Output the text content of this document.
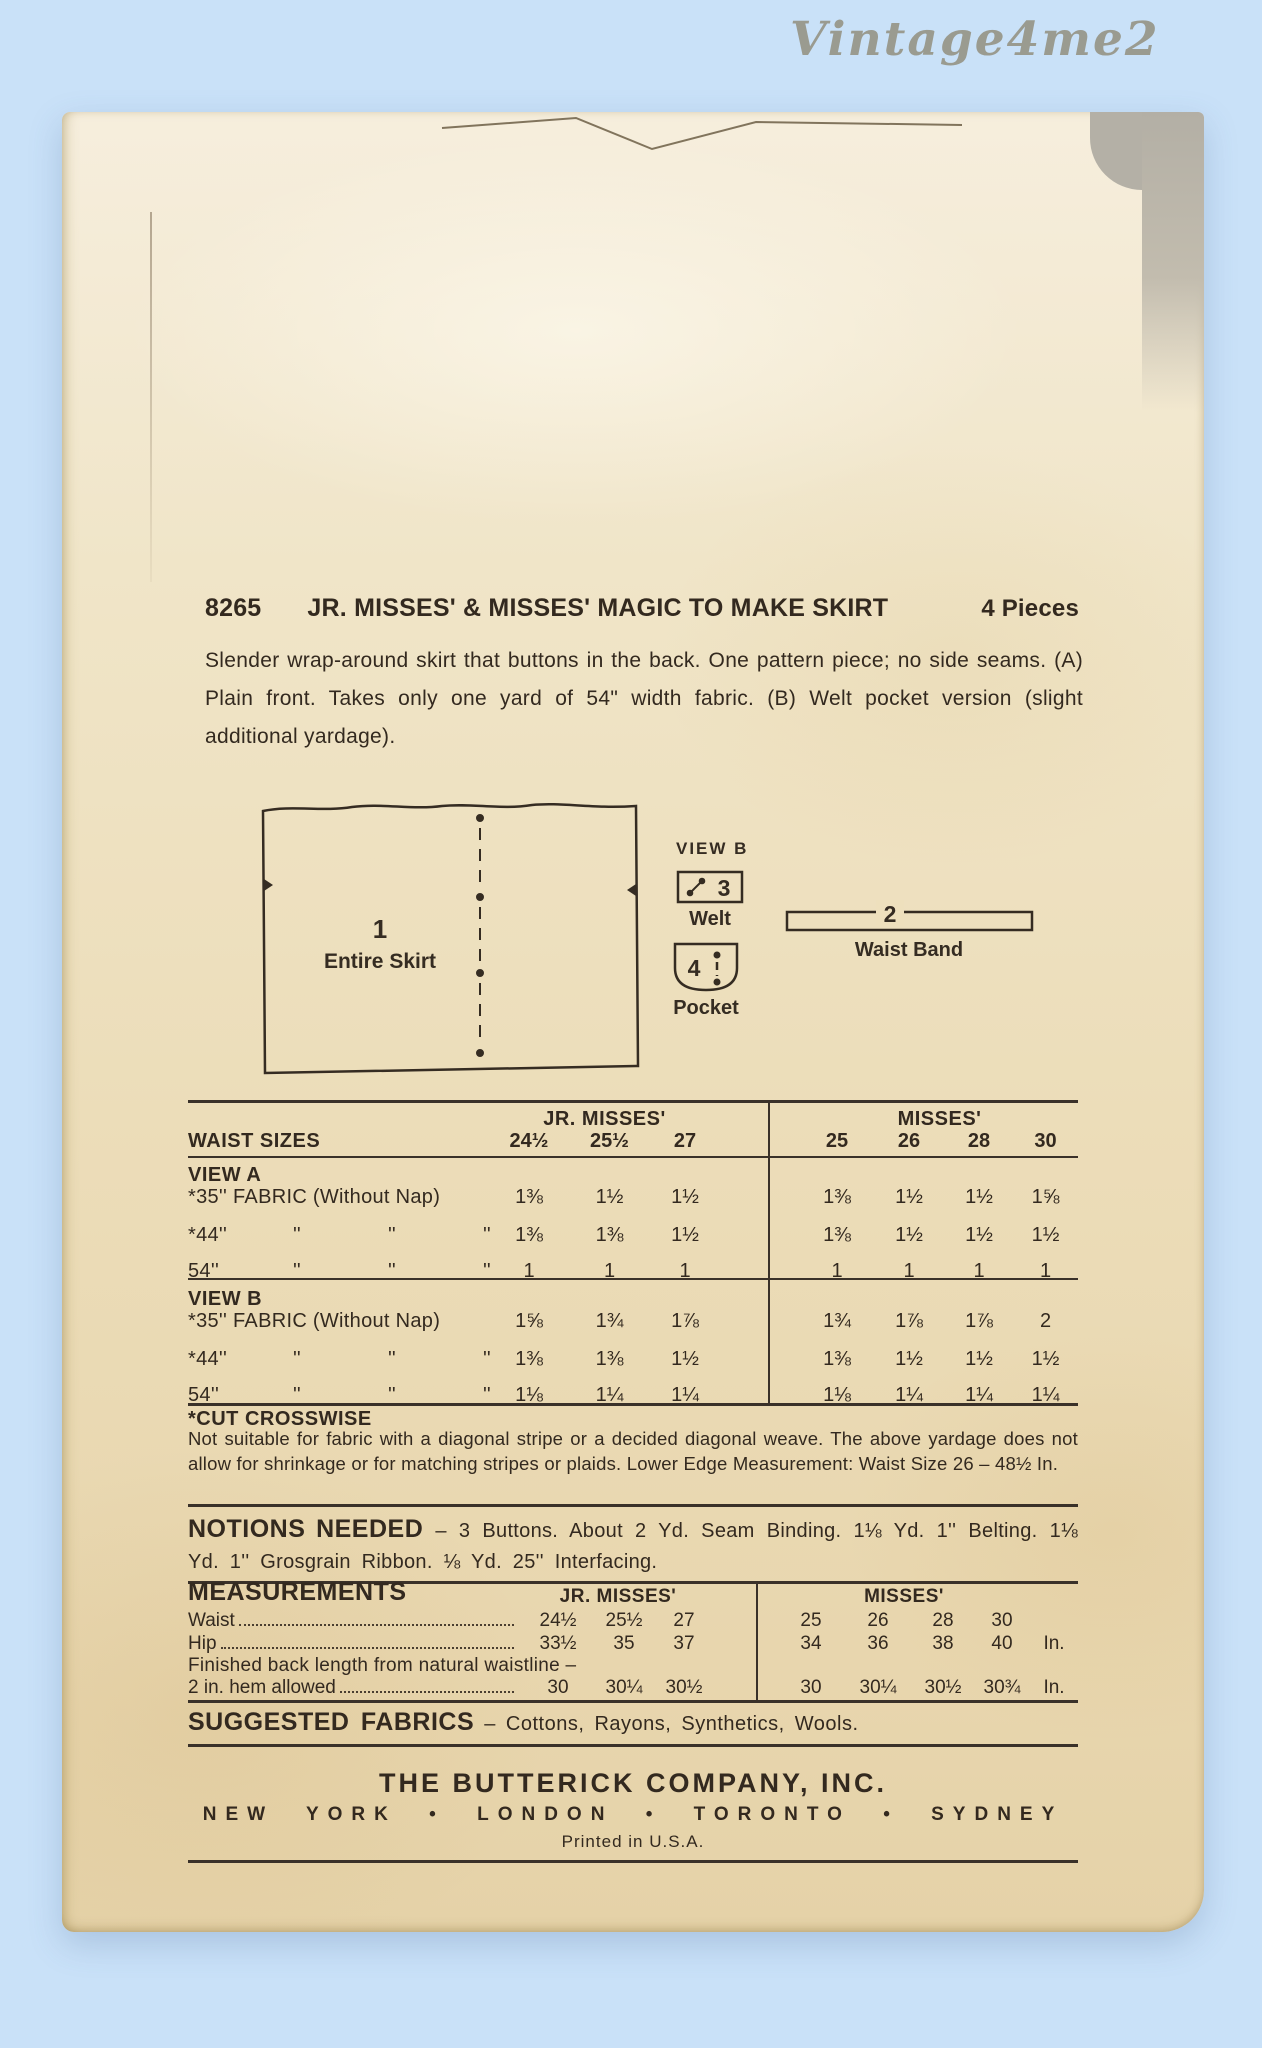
Vintage4me2
8265 JR. MISSES' & MISSES' MAGIC TO MAKE SKIRT	4 Pieces
Slender wrap-around skirt that buttons in the back. One pattern piece; no side seams. (A) Plain front. Takes only one yard of 54" width fabric. (B) Welt pocket version (slight additional yardage).
1
Entire Skirt
VIEW B
3
Welt
4
Pocket
2
Waist Band
JR. MISSES'	MISSES'
WAIST SIZES	24½	25½	27	25	26	28	30
VIEW A
*35'' FABRIC (Without Nap)	1⅜	1½	1½	1⅜	1½	1½	1⅝
*44''	''	''	''	1⅜	1⅜	1½	1⅜	1½	1½	1½
54''	''	''	''	1	1	1	1	1	1	1
VIEW B
*35'' FABRIC (Without Nap)	1⅝	1¾	1⅞	1¾	1⅞	1⅞	2
*44''	''	''	''	1⅜	1⅜	1½	1⅜	1½	1½	1½
54''	''	''	''	1⅛	1¼	1¼	1⅛	1¼	1¼	1¼
*CUT CROSSWISE
Not suitable for fabric with a diagonal stripe or a decided diagonal weave. The above yardage does not allow for shrinkage or for matching stripes or plaids. Lower Edge Measurement: Waist Size 26 – 48½ In.
NOTIONS NEEDED – 3 Buttons. About 2 Yd. Seam Binding. 1⅛ Yd. 1'' Belting. 1⅛ Yd. 1'' Grosgrain Ribbon. ⅛ Yd. 25'' Interfacing.
MEASUREMENTS	JR. MISSES'	MISSES'
Waist	24½	25½	27	25	26	28	30
Hip	33½	35	37	34	36	38	40	In.
Finished back length from natural waistline –
2 in. hem allowed	30	30¼	30½	30	30¼	30½	30¾	In.
SUGGESTED FABRICS – Cottons, Rayons, Synthetics, Wools.
THE BUTTERICK COMPANY, INC.
NEW YORK • LONDON • TORONTO • SYDNEY
Printed in U.S.A.
